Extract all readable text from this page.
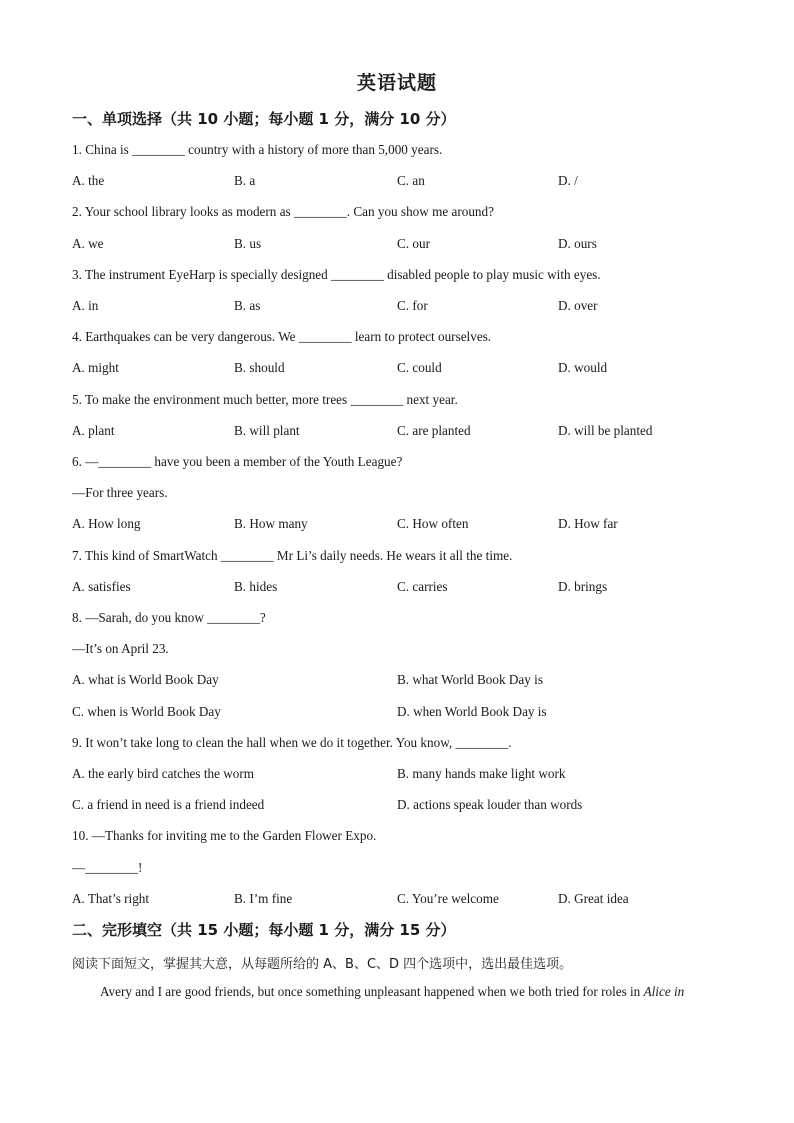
英语试题
一、单项选择（共 10 小题；每小题 1 分，满分 10 分）
1. China is ________ country with a history of more than 5,000 years.
A. the	B. a	C. an	D. /
2. Your school library looks as modern as ________. Can you show me around?
A. we	B. us	C. our	D. ours
3. The instrument EyeHarp is specially designed ________ disabled people to play music with eyes.
A. in	B. as	C. for	D. over
4. Earthquakes can be very dangerous. We ________ learn to protect ourselves.
A. might	B. should	C. could	D. would
5. To make the environment much better, more trees ________ next year.
A. plant	B. will plant	C. are planted	D. will be planted
6. —________ have you been a member of the Youth League?
—For three years.
A. How long	B. How many	C. How often	D. How far
7. This kind of SmartWatch ________ Mr Li’s daily needs. He wears it all the time.
A. satisfies	B. hides	C. carries	D. brings
8. —Sarah, do you know ________?
—It’s on April 23.
A. what is World Book Day	B. what World Book Day is
C. when is World Book Day	D. when World Book Day is
9. It won’t take long to clean the hall when we do it together. You know, ________.
A. the early bird catches the worm	B. many hands make light work
C. a friend in need is a friend indeed	D. actions speak louder than words
10. —Thanks for inviting me to the Garden Flower Expo.
—________!
A. That’s right	B. I’m fine	C. You’re welcome	D. Great idea
二、完形填空（共 15 小题；每小题 1 分，满分 15 分）
阅读下面短文，掌握其大意，从每题所给的 A、B、C、D 四个选项中，选出最佳选项。
Avery and I are good friends, but once something unpleasant happened when we both tried for roles in Alice in
